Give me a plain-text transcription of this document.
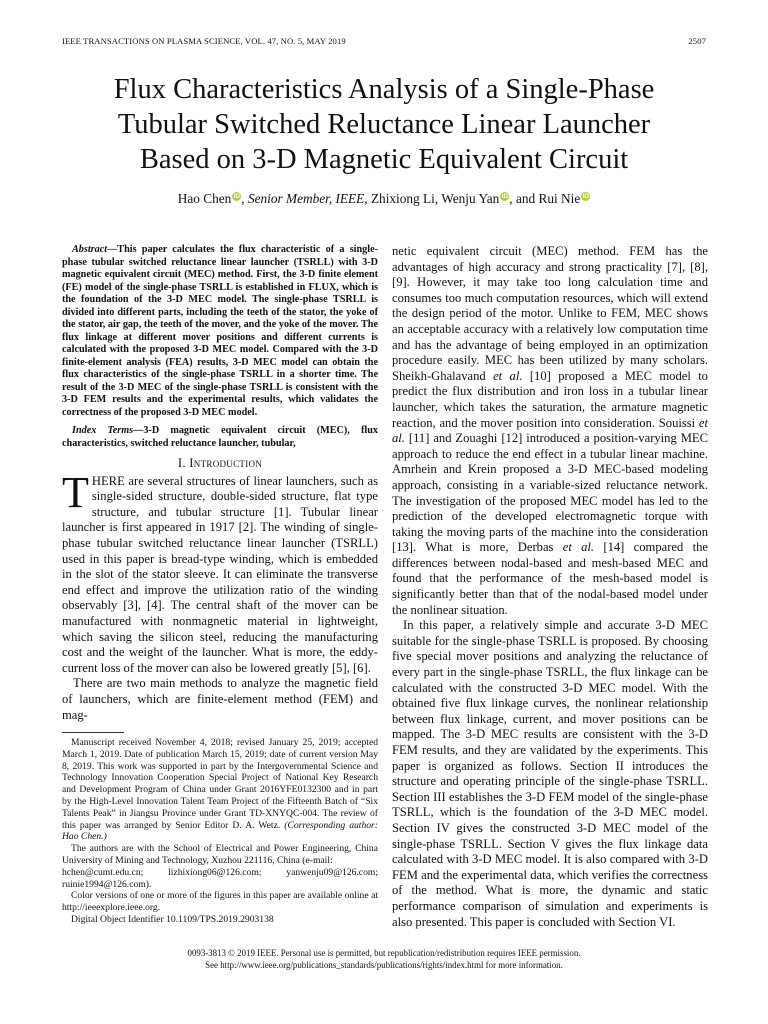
IEEE TRANSACTIONS ON PLASMA SCIENCE, VOL. 47, NO. 5, MAY 2019	2507
Flux Characteristics Analysis of a Single-Phase
Tubular Switched Reluctance Linear Launcher
Based on 3-D Magnetic Equivalent Circuit
Hao Chen iD, Senior Member, IEEE, Zhixiong Li, Wenju Yan iD, and Rui Nie iD
Abstract—This paper calculates the flux characteristic of a single-phase tubular switched reluctance linear launcher (TSRLL) with 3-D magnetic equivalent circuit (MEC) method. First, the 3-D finite element (FE) model of the single-phase TSRLL is established in FLUX, which is the foundation of the 3-D MEC model. The single-phase TSRLL is divided into different parts, including the teeth of the stator, the yoke of the stator, air gap, the teeth of the mover, and the yoke of the mover. The flux linkage at different mover positions and different currents is calculated with the proposed 3-D MEC model. Compared with the 3-D finite-element analysis (FEA) results, 3-D MEC model can obtain the flux characteristics of the single-phase TSRLL in a shorter time. The result of the 3-D MEC of the single-phase TSRLL is consistent with the 3-D FEM results and the experimental results, which validates the correctness of the proposed 3-D MEC model.
Index Terms—3-D magnetic equivalent circuit (MEC), flux characteristics, switched reluctance launcher, tubular,
I. Introduction

THERE are several structures of linear launchers, such as single-sided structure, double-sided structure, flat type structure, and tubular structure [1]. Tubular linear launcher is first appeared in 1917 [2]. The winding of single-phase tubular switched reluctance linear launcher (TSRLL) used in this paper is bread-type winding, which is embedded in the slot of the stator sleeve. It can eliminate the transverse end effect and improve the utilization ratio of the winding observably [3], [4]. The central shaft of the mover can be manufactured with nonmagnetic material in lightweight, which saving the silicon steel, reducing the manufacturing cost and the weight of the launcher. What is more, the eddy-current loss of the mover can also be lowered greatly [5], [6].

There are two main methods to analyze the magnetic field of launchers, which are finite-element method (FEM) and mag-

Manuscript received November 4, 2018; revised January 25, 2019; accepted March 1, 2019. Date of publication March 15, 2019; date of current version May 8, 2019. This work was supported in part by the Intergovernmental Science and Technology Innovation Cooperation Special Project of National Key Research and Development Program of China under Grant 2016YFE0132300 and in part by the High-Level Innovation Talent Team Project of the Fifteenth Batch of “Six Talents Peak” in Jiangsu Province under Grant TD-XNYQC-004. The review of this paper was arranged by Senior Editor D. A. Wetz. (Corresponding author: Hao Chen.)

The authors are with the School of Electrical and Power Engineering, China University of Mining and Technology, Xuzhou 221116, China (e-mail:

hchen@cumt.edu.cn;	lizhixiong06@126.com;	yanwenju09@126.com;
ruinie1994@126.com).

Color versions of one or more of the figures in this paper are available online at http://ieeexplore.ieee.org.

Digital Object Identifier 10.1109/TPS.2019.2903138

netic equivalent circuit (MEC) method. FEM has the advantages of high accuracy and strong practicality [7], [8], [9]. However, it may take too long calculation time and consumes too much computation resources, which will extend the design period of the motor. Unlike to FEM, MEC shows an acceptable accuracy with a relatively low computation time and has the advantage of being employed in an optimization procedure easily. MEC has been utilized by many scholars. Sheikh-Ghalavand et al. [10] proposed a MEC model to predict the flux distribution and iron loss in a tubular linear launcher, which takes the saturation, the armature magnetic reaction, and the mover position into consideration. Souissi et al. [11] and Zouaghi [12] introduced a position-varying MEC approach to reduce the end effect in a tubular linear machine. Amrhein and Krein proposed a 3-D MEC-based modeling approach, consisting in a variable-sized reluctance network. The investigation of the proposed MEC model has led to the prediction of the developed electromagnetic torque with taking the moving parts of the machine into the consideration [13]. What is more, Derbas et al. [14] compared the differences between nodal-based and mesh-based MEC and found that the performance of the mesh-based model is significantly better than that of the nodal-based model under the nonlinear situation.

In this paper, a relatively simple and accurate 3-D MEC suitable for the single-phase TSRLL is proposed. By choosing five special mover positions and analyzing the reluctance of every part in the single-phase TSRLL, the flux linkage can be calculated with the constructed 3-D MEC model. With the obtained five flux linkage curves, the nonlinear relationship between flux linkage, current, and mover positions can be mapped. The 3-D MEC results are consistent with the 3-D FEM results, and they are validated by the experiments. This paper is organized as follows. Section II introduces the structure and operating principle of the single-phase TSRLL. Section III establishes the 3-D FEM model of the single-phase TSRLL, which is the foundation of the 3-D MEC model. Section IV gives the constructed 3-D MEC model of the single-phase TSRLL. Section V gives the flux linkage data calculated with 3-D MEC model. It is also compared with 3-D FEM and the experimental data, which verifies the correctness of the method. What is more, the dynamic and static performance comparison of simulation and experiments is also presented. This paper is concluded with Section VI.

0093-3813 © 2019 IEEE. Personal use is permitted, but republication/redistribution requires IEEE permission.
See http://www.ieee.org/publications_standards/publications/rights/index.html for more information.
